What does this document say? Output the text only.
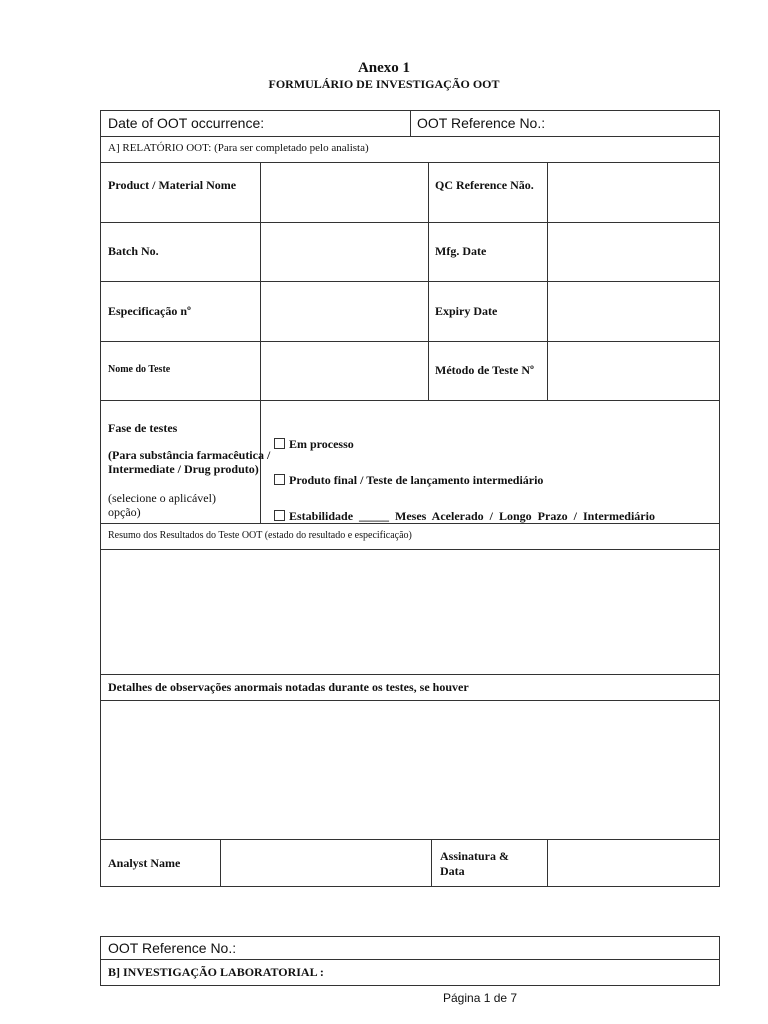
Anexo 1
FORMULÁRIO DE INVESTIGAÇÃO OOT
Date of OOT occurrence:	OOT Reference No.:
A] RELATÓRIO OOT: (Para ser completado pelo analista)
Product / Material Nome	QC Reference Não.
Batch No.	Mfg. Date
Especificação nº	Expiry Date
Nome do Teste	Método de Teste Nº
Fase de testes
(Para substância farmacêutica / Intermediate / Drug produto)
(selecione o aplicável) opção)
Em processo
Produto final / Teste de lançamento intermediário
Estabilidade _____ Meses Acelerado / Longo Prazo / Intermediário
Resumo dos Resultados do Teste OOT (estado do resultado e especificação)
Detalhes de observações anormais notadas durante os testes, se houver
Analyst Name	Assinatura & Data
OOT Reference No.:
B] INVESTIGAÇÃO LABORATORIAL :
Página 1 de 7
